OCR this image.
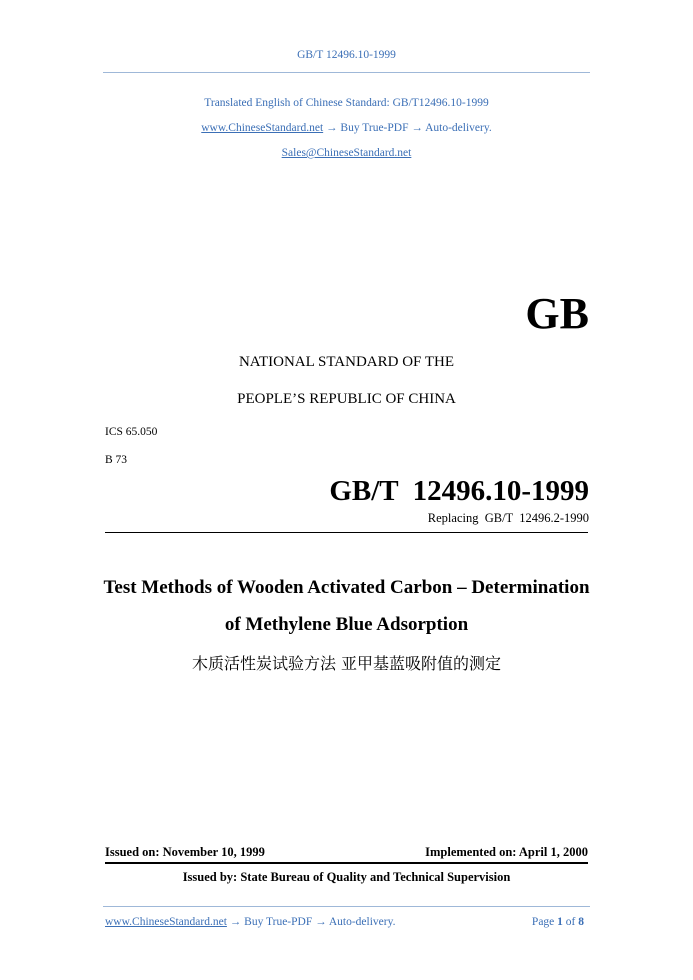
GB/T 12496.10-1999
Translated English of Chinese Standard: GB/T12496.10-1999
www.ChineseStandard.net → Buy True-PDF → Auto-delivery.
Sales@ChineseStandard.net
GB
NATIONAL STANDARD OF THE
PEOPLE’S REPUBLIC OF CHINA
ICS 65.050
B 73
GB/T  12496.10-1999
Replacing  GB/T  12496.2-1990
Test Methods of Wooden Activated Carbon – Determination
of Methylene Blue Adsorption
木质活性炭试验方法 亚甲基蓝吸附值的测定
Issued on: November 10, 1999	Implemented on: April 1, 2000
Issued by: State Bureau of Quality and Technical Supervision
www.ChineseStandard.net → Buy True-PDF → Auto-delivery.	Page 1 of 8
